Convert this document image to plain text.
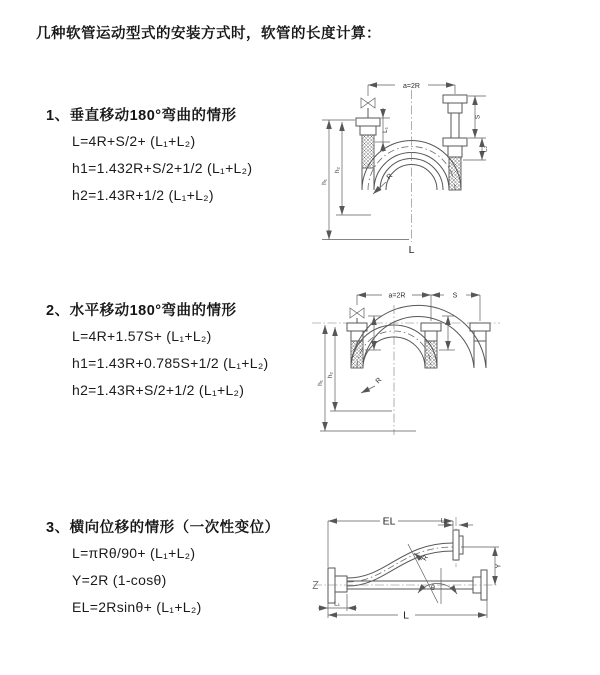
几种软管运动型式的安装方式时，软管的长度计算：
1、垂直移动180°弯曲的情形

L=4R+S/2+ (L₁+L₂)

h1=1.432R+S/2+1/2 (L₁+L₂)

h2=1.43R+1/2 (L₁+L₂)

2、水平移动180°弯曲的情形

L=4R+1.57S+ (L₁+L₂)

h1=1.43R+0.785S+1/2 (L₁+L₂)

h2=1.43R+S/2+1/2 (L₁+L₂)

3、横向位移的情形（一次性变位）

L=πRθ/90+ (L₁+L₂)

Y=2R (1-cosθ)

EL=2Rsinθ+ (L₁+L₂)

a=2R
h₁
h₂
L₁
S
L₂
R
L
a=2R	S
h₁
h₂
R
EL	L₂
Y
R
θ
L
L₁
